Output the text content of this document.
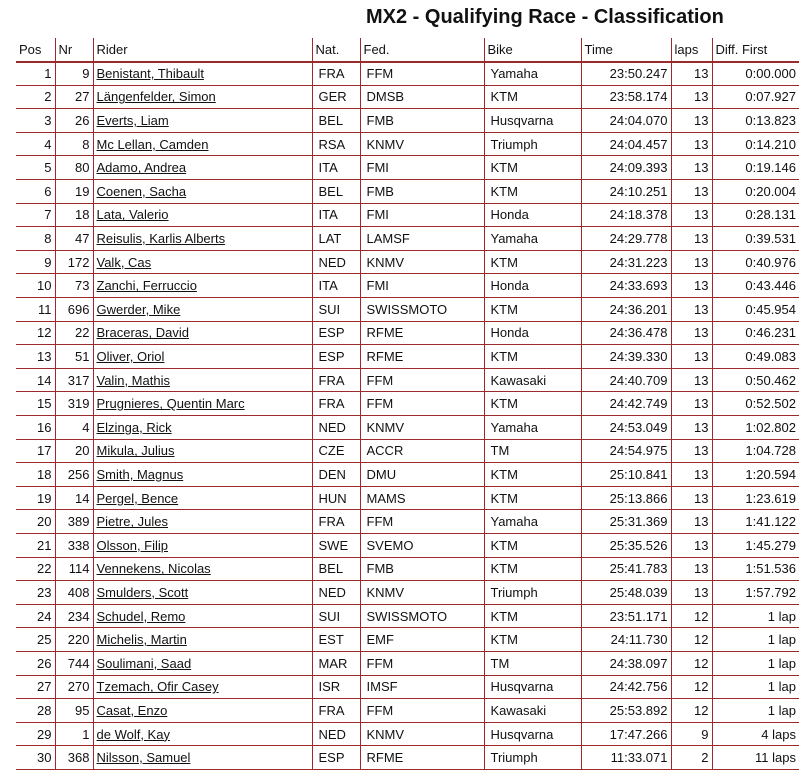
MX2 - Qualifying Race - Classification
Pos	Nr	Rider	Nat.	Fed.	Bike	Time	laps	Diff. First
1	9	Benistant, Thibault	FRA	FFM	Yamaha	23:50.247	13	0:00.000
2	27	Längenfelder, Simon	GER	DMSB	KTM	23:58.174	13	0:07.927
3	26	Everts, Liam	BEL	FMB	Husqvarna	24:04.070	13	0:13.823
4	8	Mc Lellan, Camden	RSA	KNMV	Triumph	24:04.457	13	0:14.210
5	80	Adamo, Andrea	ITA	FMI	KTM	24:09.393	13	0:19.146
6	19	Coenen, Sacha	BEL	FMB	KTM	24:10.251	13	0:20.004
7	18	Lata, Valerio	ITA	FMI	Honda	24:18.378	13	0:28.131
8	47	Reisulis, Karlis Alberts	LAT	LAMSF	Yamaha	24:29.778	13	0:39.531
9	172	Valk, Cas	NED	KNMV	KTM	24:31.223	13	0:40.976
10	73	Zanchi, Ferruccio	ITA	FMI	Honda	24:33.693	13	0:43.446
11	696	Gwerder, Mike	SUI	SWISSMOTO	KTM	24:36.201	13	0:45.954
12	22	Braceras, David	ESP	RFME	Honda	24:36.478	13	0:46.231
13	51	Oliver, Oriol	ESP	RFME	KTM	24:39.330	13	0:49.083
14	317	Valin, Mathis	FRA	FFM	Kawasaki	24:40.709	13	0:50.462
15	319	Prugnieres, Quentin Marc	FRA	FFM	KTM	24:42.749	13	0:52.502
16	4	Elzinga, Rick	NED	KNMV	Yamaha	24:53.049	13	1:02.802
17	20	Mikula, Julius	CZE	ACCR	TM	24:54.975	13	1:04.728
18	256	Smith, Magnus	DEN	DMU	KTM	25:10.841	13	1:20.594
19	14	Pergel, Bence	HUN	MAMS	KTM	25:13.866	13	1:23.619
20	389	Pietre, Jules	FRA	FFM	Yamaha	25:31.369	13	1:41.122
21	338	Olsson, Filip	SWE	SVEMO	KTM	25:35.526	13	1:45.279
22	114	Vennekens, Nicolas	BEL	FMB	KTM	25:41.783	13	1:51.536
23	408	Smulders, Scott	NED	KNMV	Triumph	25:48.039	13	1:57.792
24	234	Schudel, Remo	SUI	SWISSMOTO	KTM	23:51.171	12	1 lap
25	220	Michelis, Martin	EST	EMF	KTM	24:11.730	12	1 lap
26	744	Soulimani, Saad	MAR	FFM	TM	24:38.097	12	1 lap
27	270	Tzemach, Ofir Casey	ISR	IMSF	Husqvarna	24:42.756	12	1 lap
28	95	Casat, Enzo	FRA	FFM	Kawasaki	25:53.892	12	1 lap
29	1	de Wolf, Kay	NED	KNMV	Husqvarna	17:47.266	9	4 laps
30	368	Nilsson, Samuel	ESP	RFME	Triumph	11:33.071	2	11 laps
